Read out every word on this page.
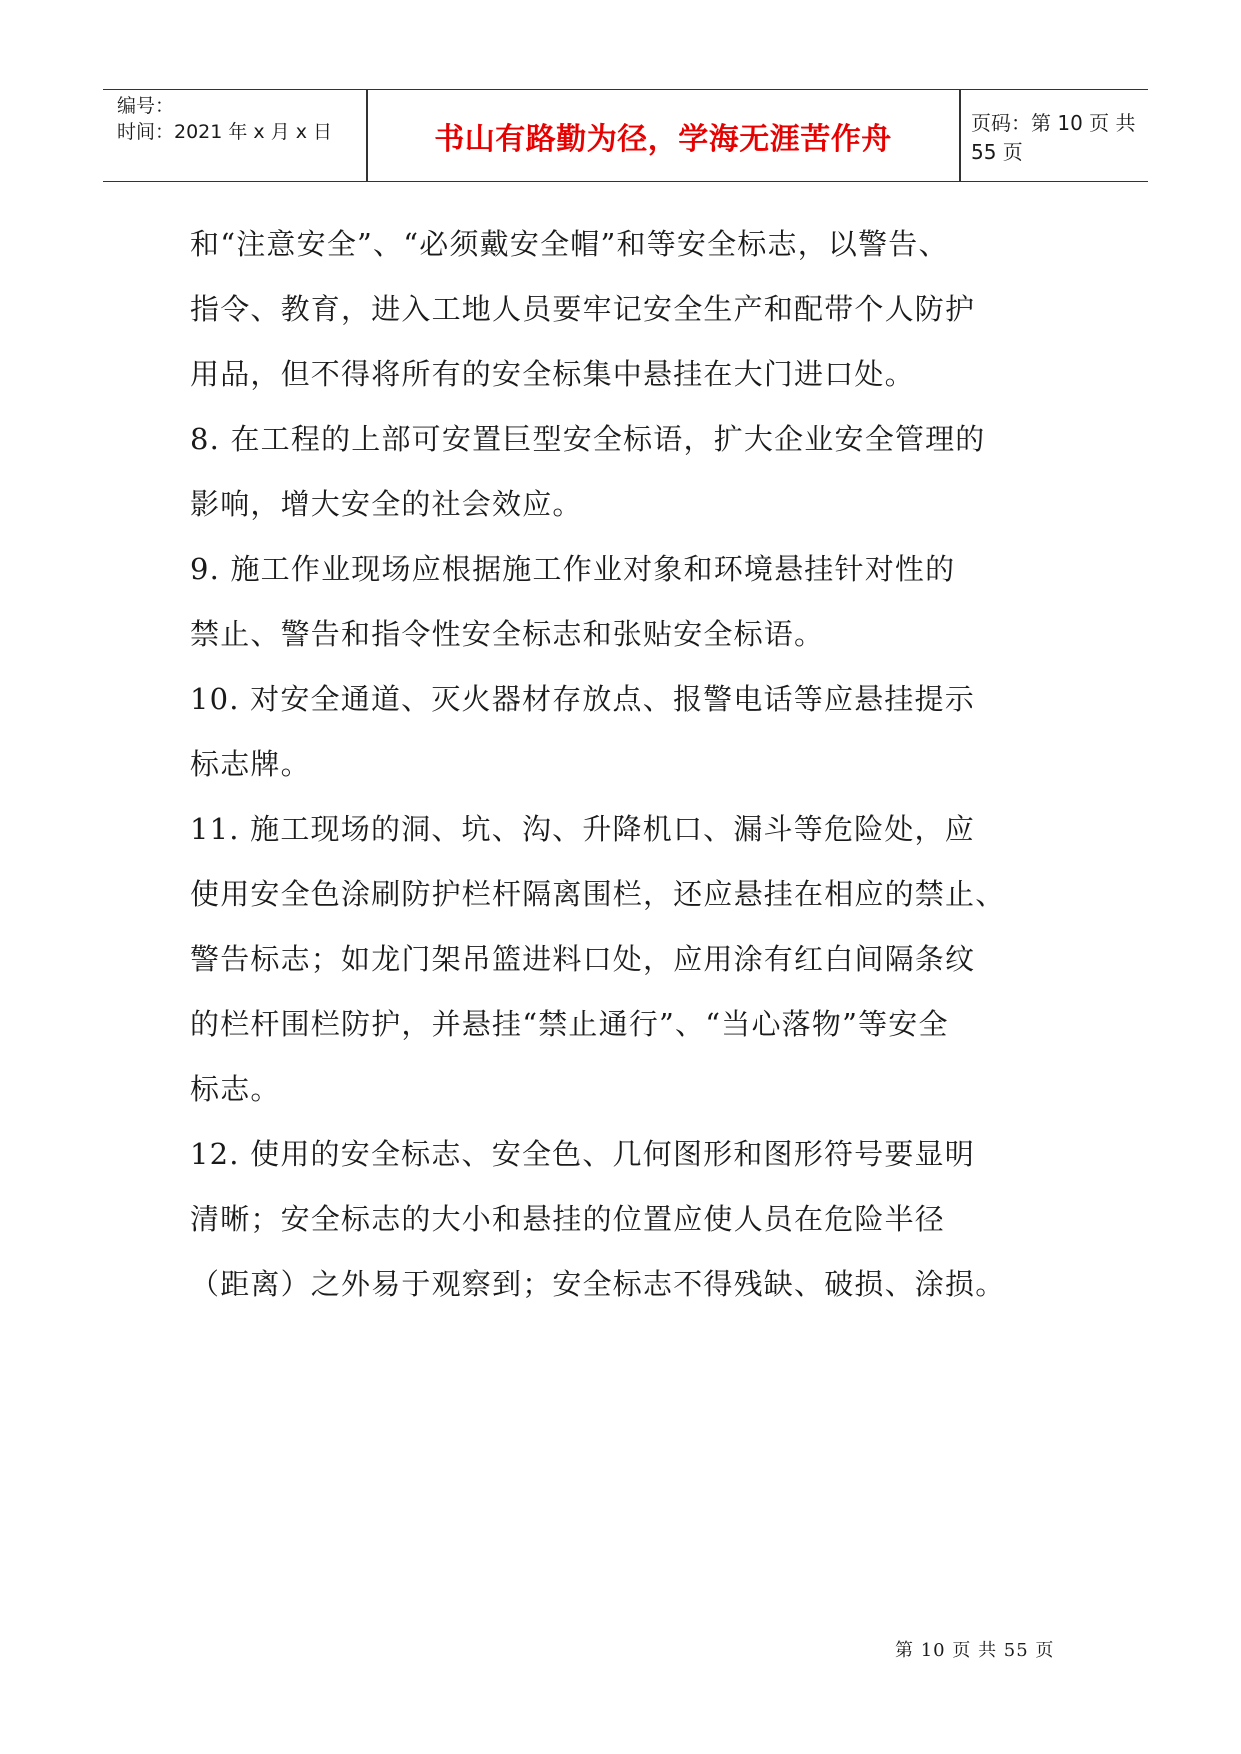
编号：
时间：2021 年 x 月 x 日	书山有路勤为径，学海无涯苦作舟	页码：第 10 页 共 55 页
和“注意安全”、“必须戴安全帽”和等安全标志，以警告、
指令、教育，进入工地人员要牢记安全生产和配带个人防护
用品，但不得将所有的安全标集中悬挂在大门进口处。
8. 在工程的上部可安置巨型安全标语，扩大企业安全管理的
影响，增大安全的社会效应。
9. 施工作业现场应根据施工作业对象和环境悬挂针对性的
禁止、警告和指令性安全标志和张贴安全标语。
10. 对安全通道、灭火器材存放点、报警电话等应悬挂提示
标志牌。
11. 施工现场的洞、坑、沟、升降机口、漏斗等危险处，应
使用安全色涂刷防护栏杆隔离围栏，还应悬挂在相应的禁止、
警告标志；如龙门架吊篮进料口处，应用涂有红白间隔条纹
的栏杆围栏防护，并悬挂“禁止通行”、“当心落物”等安全
标志。
12. 使用的安全标志、安全色、几何图形和图形符号要显明
清晰；安全标志的大小和悬挂的位置应使人员在危险半径
（距离）之外易于观察到；安全标志不得残缺、破损、涂损。
第 10 页 共 55 页
